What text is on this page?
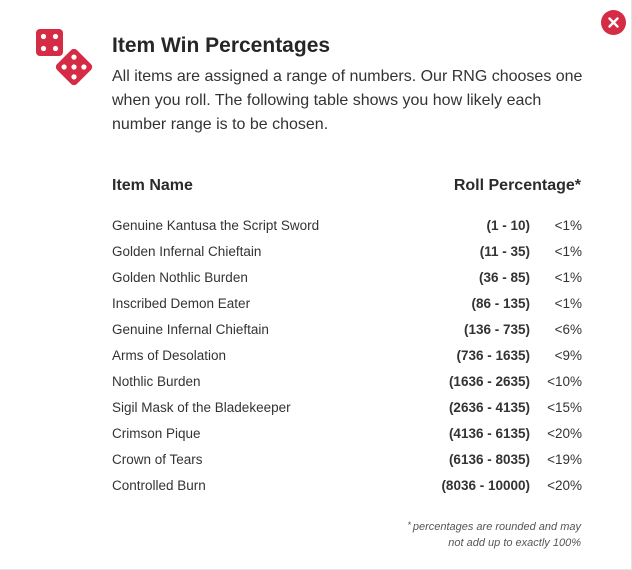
Item Win Percentages

All items are assigned a range of numbers. Our RNG chooses one when you roll. The following table shows you how likely each number range is to be chosen.

Item Name	Roll Percentage*
Genuine Kantusa the Script Sword	(1 - 10) <1%
Golden Infernal Chieftain	(11 - 35) <1%
Golden Nothlic Burden	(36 - 85) <1%
Inscribed Demon Eater	(86 - 135) <1%
Genuine Infernal Chieftain	(136 - 735) <6%
Arms of Desolation	(736 - 1635) <9%
Nothlic Burden	(1636 - 2635) <10%
Sigil Mask of the Bladekeeper	(2636 - 4135) <15%
Crimson Pique	(4136 - 6135) <20%
Crown of Tears	(6136 - 8035) <19%
Controlled Burn	(8036 - 10000) <20%
* percentages are rounded and may
not add up to exactly 100%
